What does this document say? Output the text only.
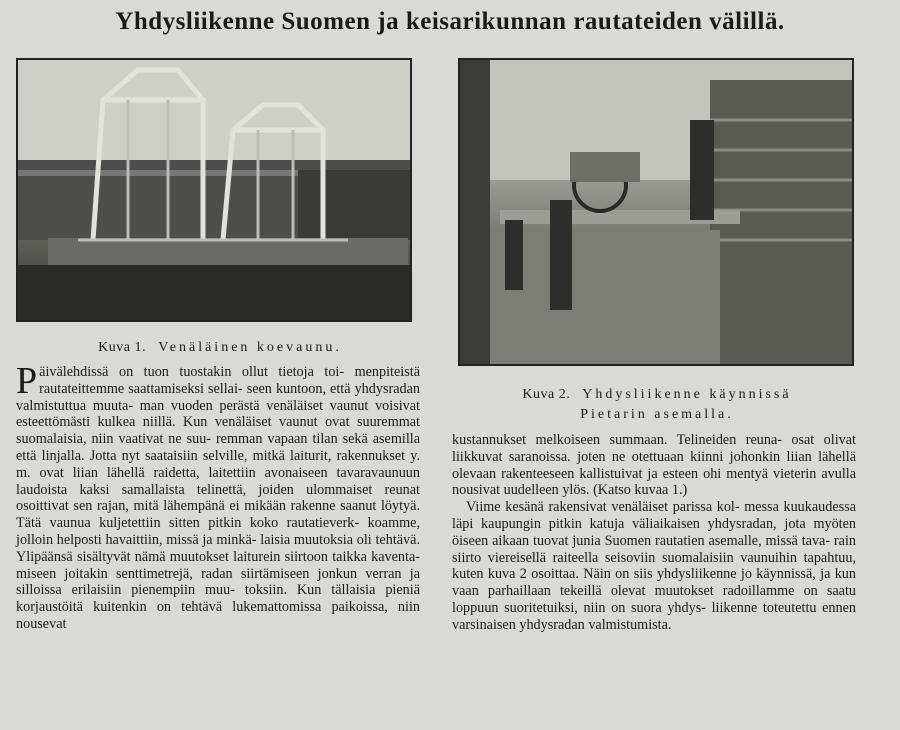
Yhdysliikenne Suomen ja keisarikunnan rautateiden välillä.
Kuva 1. Venäläinen koevaunu.
Kuva 2. Yhdysliikenne käynnissä
Pietarin asemalla.
P äivälehdissä on tuon tuostakin ollut tietoja toi- menpiteistä rautateittemme saattamiseksi sellai- seen kuntoon, että yhdysradan valmistuttua muuta- man vuoden perästä venäläiset vaunut voisivat esteettömästi kulkea niillä. Kun venäläiset vaunut ovat suuremmat suomalaisia, niin vaativat ne suu- remman vapaan tilan sekä asemilla että linjalla. Jotta nyt saataisiin selville, mitkä laiturit, rakennukset y. m. ovat liian lähellä raidetta, laitettiin avonaiseen tavaravaunuun laudoista kaksi samallaista telinettä, joiden ulommaiset reunat osoittivat sen rajan, mitä lähempänä ei mikään rakenne saanut löytyä. Tätä vaunua kuljetettiin sitten pitkin koko rautatieverk- koamme, jolloin helposti havaittiin, missä ja minkä- laisia muutoksia oli tehtävä. Ylipäänsä sisältyvät nämä muutokset laiturein siirtoon taikka kaventa- miseen joitakin senttimetrejä, radan siirtämiseen jonkun verran ja silloissa erilaisiin pienempiin muu- toksiin. Kun tällaisia pieniä korjaustöitä kuitenkin on tehtävä lukemattomissa paikoissa, niin nousevat

kustannukset melkoiseen summaan. Telineiden reuna- osat olivat liikkuvat saranoissa. joten ne otettuaan kiinni johonkin liian lähellä olevaan rakenteeseen kallistuivat ja esteen ohi mentyä vieterin avulla nousivat uudelleen ylös. (Katso kuvaa 1.)

Viime kesänä rakensivat venäläiset parissa kol- messa kuukaudessa läpi kaupungin pitkin katuja väliaikaisen yhdysradan, jota myöten öiseen aikaan tuovat junia Suomen rautatien asemalle, missä tava- rain siirto viereisellä raiteella seisoviin suomalaisiin vaunuihin tapahtuu, kuten kuva 2 osoittaa. Näin on siis yhdysliikenne jo käynnissä, ja kun vaan parhaillaan tekeillä olevat muutokset radoillamme on saatu loppuun suoritetuiksi, niin on suora yhdys- liikenne toteutettu ennen varsinaisen yhdysradan valmistumista.
